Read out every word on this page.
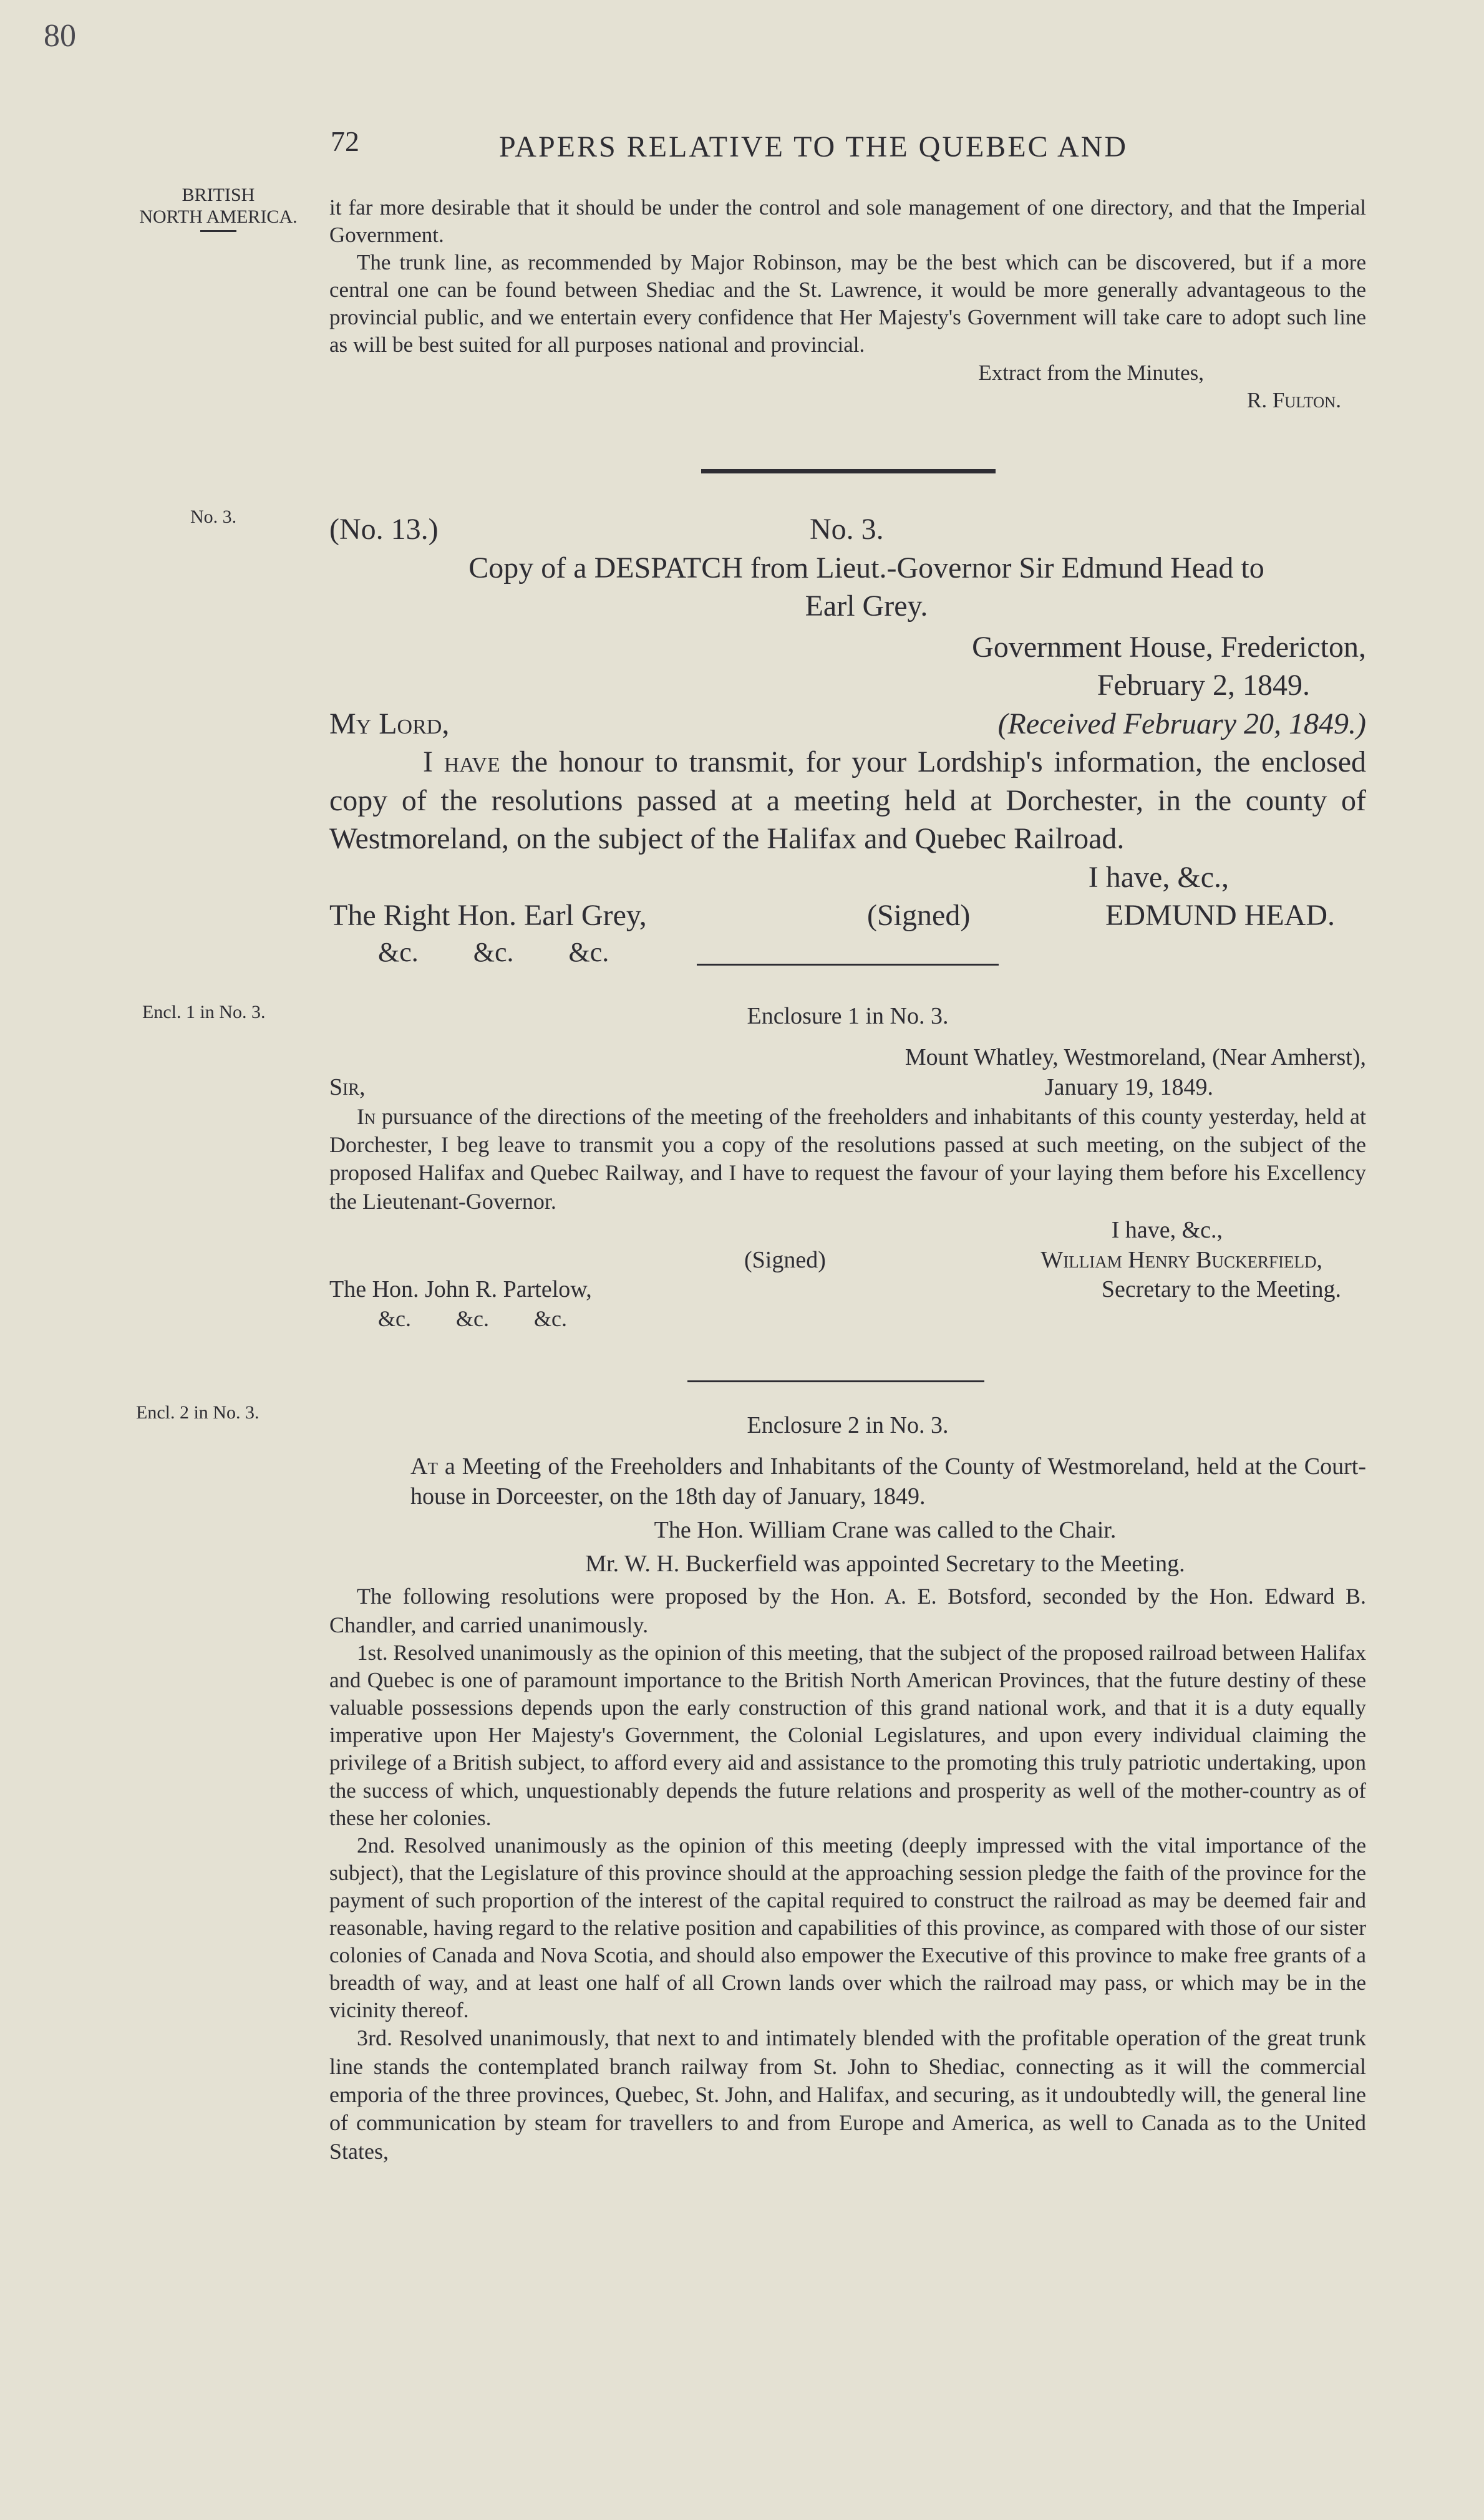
80
72	PAPERS RELATIVE TO THE QUEBEC AND
BRITISH
NORTH AMERICA.
No. 3.
Encl. 1 in No. 3.
Encl. 2 in No. 3.

it far more desirable that it should be under the control and sole management of one directory, and that the Imperial Government.

The trunk line, as recommended by Major Robinson, may be the best which can be discovered, but if a more central one can be found between Shediac and the St. Lawrence, it would be more generally advantageous to the provincial public, and we entertain every confidence that Her Majesty's Government will take care to adopt such line as will be best suited for all purposes national and provincial.

Extract from the Minutes,
R. Fulton.
(No. 13.)	No. 3.
Copy of a DESPATCH from Lieut.-Governor Sir Edmund Head to
Earl Grey.
Government House, Fredericton,
February 2, 1849.
My Lord,	(Received February 20, 1849.)

I have the honour to transmit, for your Lordship's information, the enclosed copy of the resolutions passed at a meeting held at Dorchester, in the county of Westmoreland, on the subject of the Halifax and Quebec Railroad.

I have, &c.,
The Right Hon. Earl Grey,	(Signed)	EDMUND HEAD.
&c.        &c.        &c.
Enclosure 1 in No. 3.
Mount Whatley, Westmoreland, (Near Amherst),
Sir,	January 19, 1849.

In pursuance of the directions of the meeting of the freeholders and inhabitants of this county yesterday, held at Dorchester, I beg leave to transmit you a copy of the resolutions passed at such meeting, on the subject of the proposed Halifax and Quebec Railway, and I have to request the favour of your laying them before his Excellency the Lieutenant-Governor.

I have, &c.,
(Signed)	William Henry Buckerfield,
The Hon. John R. Partelow,	Secretary to the Meeting.
&c.        &c.        &c.
Enclosure 2 in No. 3.

At a Meeting of the Freeholders and Inhabitants of the County of Westmoreland, held at the Court-house in Dorceester, on the 18th day of January, 1849.

The Hon. William Crane was called to the Chair.
Mr. W. H. Buckerfield was appointed Secretary to the Meeting.

The following resolutions were proposed by the Hon. A. E. Botsford, seconded by the Hon. Edward B. Chandler, and carried unanimously.

1st. Resolved unanimously as the opinion of this meeting, that the subject of the proposed railroad between Halifax and Quebec is one of paramount importance to the British North American Provinces, that the future destiny of these valuable possessions depends upon the early construction of this grand national work, and that it is a duty equally imperative upon Her Majesty's Government, the Colonial Legislatures, and upon every individual claiming the privilege of a British subject, to afford every aid and assistance to the promoting this truly patriotic undertaking, upon the success of which, unquestionably depends the future relations and prosperity as well of the mother-country as of these her colonies.

2nd. Resolved unanimously as the opinion of this meeting (deeply impressed with the vital importance of the subject), that the Legislature of this province should at the approaching session pledge the faith of the province for the payment of such proportion of the interest of the capital required to construct the railroad as may be deemed fair and reasonable, having regard to the relative position and capabilities of this province, as compared with those of our sister colonies of Canada and Nova Scotia, and should also empower the Executive of this province to make free grants of a breadth of way, and at least one half of all Crown lands over which the railroad may pass, or which may be in the vicinity thereof.

3rd. Resolved unanimously, that next to and intimately blended with the profitable operation of the great trunk line stands the contemplated branch railway from St. John to Shediac, connecting as it will the commercial emporia of the three provinces, Quebec, St. John, and Halifax, and securing, as it undoubtedly will, the general line of communication by steam for travellers to and from Europe and America, as well to Canada as to the United States,
